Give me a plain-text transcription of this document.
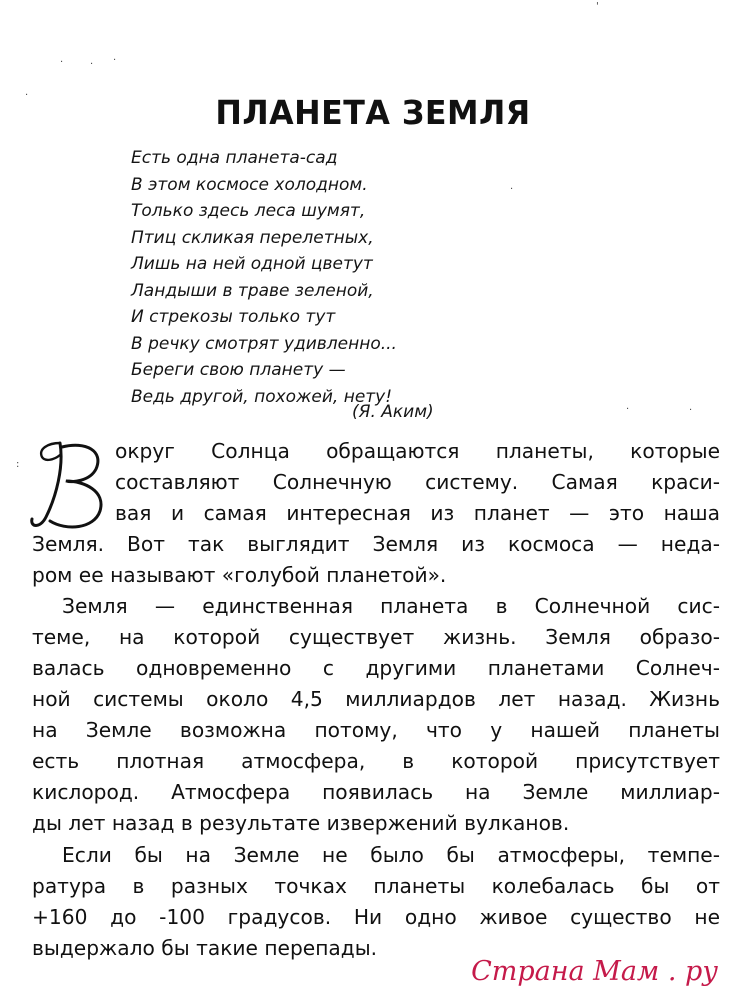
'
·	· ·
·
·
·	·
:
ПЛАНЕТА ЗЕМЛЯ
Есть одна планета-сад
В этом космосе холодном.
Только здесь леса шумят,
Птиц скликая перелетных,
Лишь на ней одной цветут
Ландыши в траве зеленой,
И стрекозы только тут
В речку смотрят удивленно...
Береги свою планету —
Ведь другой, похожей, нету!
(Я. Аким)
округ Солнца обращаются планеты, которые
составляют Солнечную систему. Самая краси-
вая и самая интересная из планет — это наша
Земля. Вот так выглядит Земля из космоса — неда-
ром ее называют «голубой планетой».
Земля — единственная планета в Солнечной сис-
теме, на которой существует жизнь. Земля образо-
валась одновременно с другими планетами Солнеч-
ной системы около 4,5 миллиардов лет назад. Жизнь
на Земле возможна потому, что у нашей планеты
есть плотная атмосфера, в которой присутствует
кислород. Атмосфера появилась на Земле миллиар-
ды лет назад в результате извержений вулканов.
Если бы на Земле не было бы атмосферы, темпе-
ратура в разных точках планеты колебалась бы от
+160 до -100 градусов. Ни одно живое существо не
выдержало бы такие перепады.
Страна Мам . ру
